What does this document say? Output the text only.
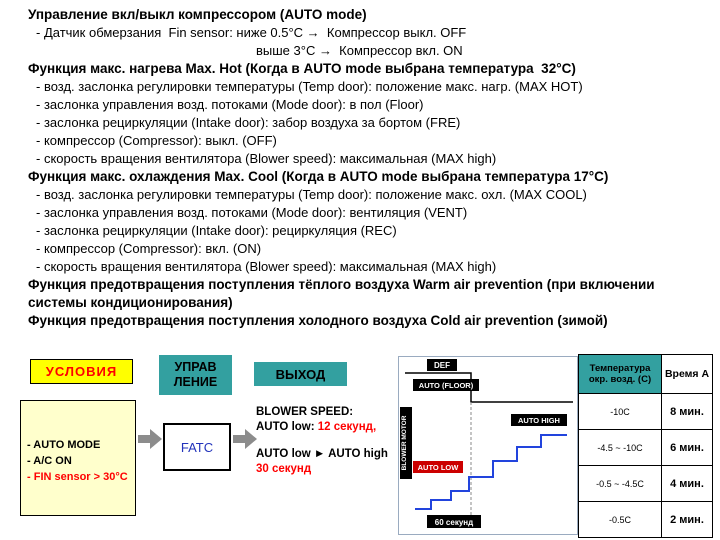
Управление вкл/выкл компрессором (AUTO mode)
- Датчик обмерзания  Fin sensor: ниже 0.5°C →  Компрессор выкл. OFF
выше 3°C →  Компрессор вкл. ON
Функция макс. нагрева Max. Hot (Когда в AUTO mode выбрана температура  32°C)
- возд. заслонка регулировки температуры (Temp door): положение макс. нагр. (MAX HOT)
- заслонка управления возд. потоками (Mode door): в пол (Floor)
- заслонка рециркуляции (Intake door): забор воздуха за бортом (FRE)
- компрессор (Compressor): выкл. (OFF)
- скорость вращения вентилятора (Blower speed): максимальная (MAX high)
Функция макс. охлаждения Max. Cool (Когда в AUTO mode выбрана температура 17°C)
- возд. заслонка регулировки температуры (Temp door): положение макс. охл. (MAX COOL)
- заслонка управления возд. потоками (Mode door): вентиляция (VENT)
- заслонка рециркуляции (Intake door): рециркуляция (REC)
- компрессор (Compressor): вкл. (ON)
- скорость вращения вентилятора (Blower speed): максимальная (MAX high)
Функция предотвращения поступления тёплого воздуха Warm air prevention (при включении системы кондиционирования)
Функция предотвращения поступления холодного воздуха Cold air prevention (зимой)
УСЛОВИЯ	УПРАВ
ЛЕНИЕ
ВЫХОД
- AUTO MODE
- A/C ON
- FIN sensor > 30°C
FATC
BLOWER SPEED:
AUTO low: 12 секунд,
AUTO low ► AUTO high
30 секунд
DEF
AUTO (FLOOR)
AUTO HIGH
BLOWER MOTOR AUTO LOW
60 секунд
Температура окр. возд. (С)	Время А
-10C	8 мин.
-4.5 ~ -10C	6 мин.
-0.5 ~ -4.5C	4 мин.
-0.5C	2 мин.
